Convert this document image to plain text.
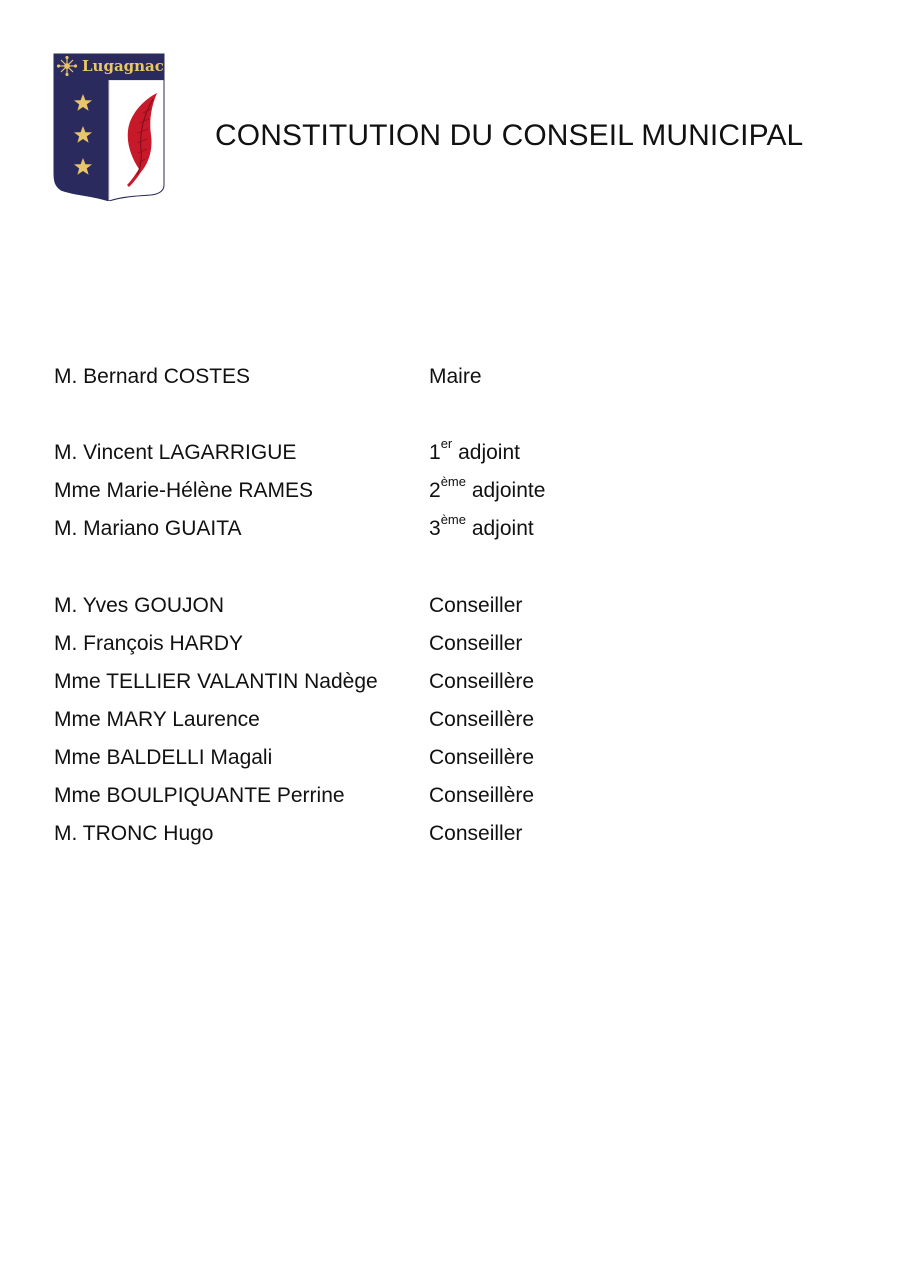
Lugagnac
CONSTITUTION DU CONSEIL MUNICIPAL
M. Bernard COSTES	Maire
M. Vincent LAGARRIGUE	1er adjoint
Mme Marie-Hélène RAMES	2ème adjointe
M. Mariano GUAITA	3ème adjoint
M. Yves GOUJON	Conseiller
M. François HARDY	Conseiller
Mme TELLIER VALANTIN Nadège Conseillère
Mme MARY Laurence	Conseillère
Mme BALDELLI Magali	Conseillère
Mme BOULPIQUANTE Perrine	Conseillère
M. TRONC Hugo	Conseiller
